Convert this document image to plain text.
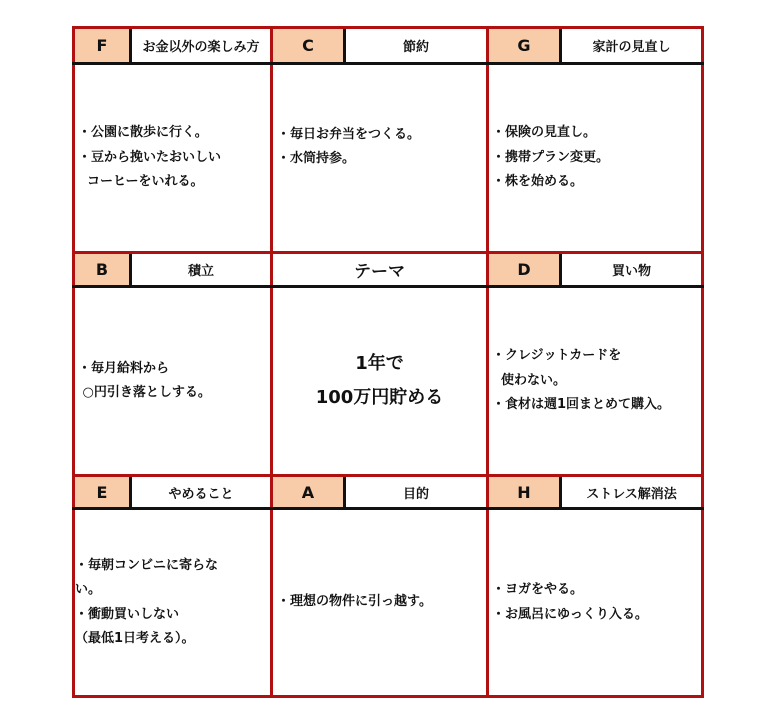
F	お金以外の楽しみ方	C	節約	G	家計の見直し
・公園に散歩に行く。
・豆から挽いたおいしい
コーヒーをいれる。
・毎日お弁当をつくる。
・水筒持参。
・保険の見直し。
・携帯プラン変更。
・株を始める。
B	積立	テーマ	D	買い物
・毎月給料から
○円引き落としする。
1年で
100万円貯める
・クレジットカードを
使わない。
・食材は週1回まとめて購入。
E	やめること	A	目的	H	ストレス解消法
・毎朝コンビニに寄らな
い。
・衝動買いしない
（最低1日考える）。
・理想の物件に引っ越す。
・ヨガをやる。
・お風呂にゆっくり入る。
